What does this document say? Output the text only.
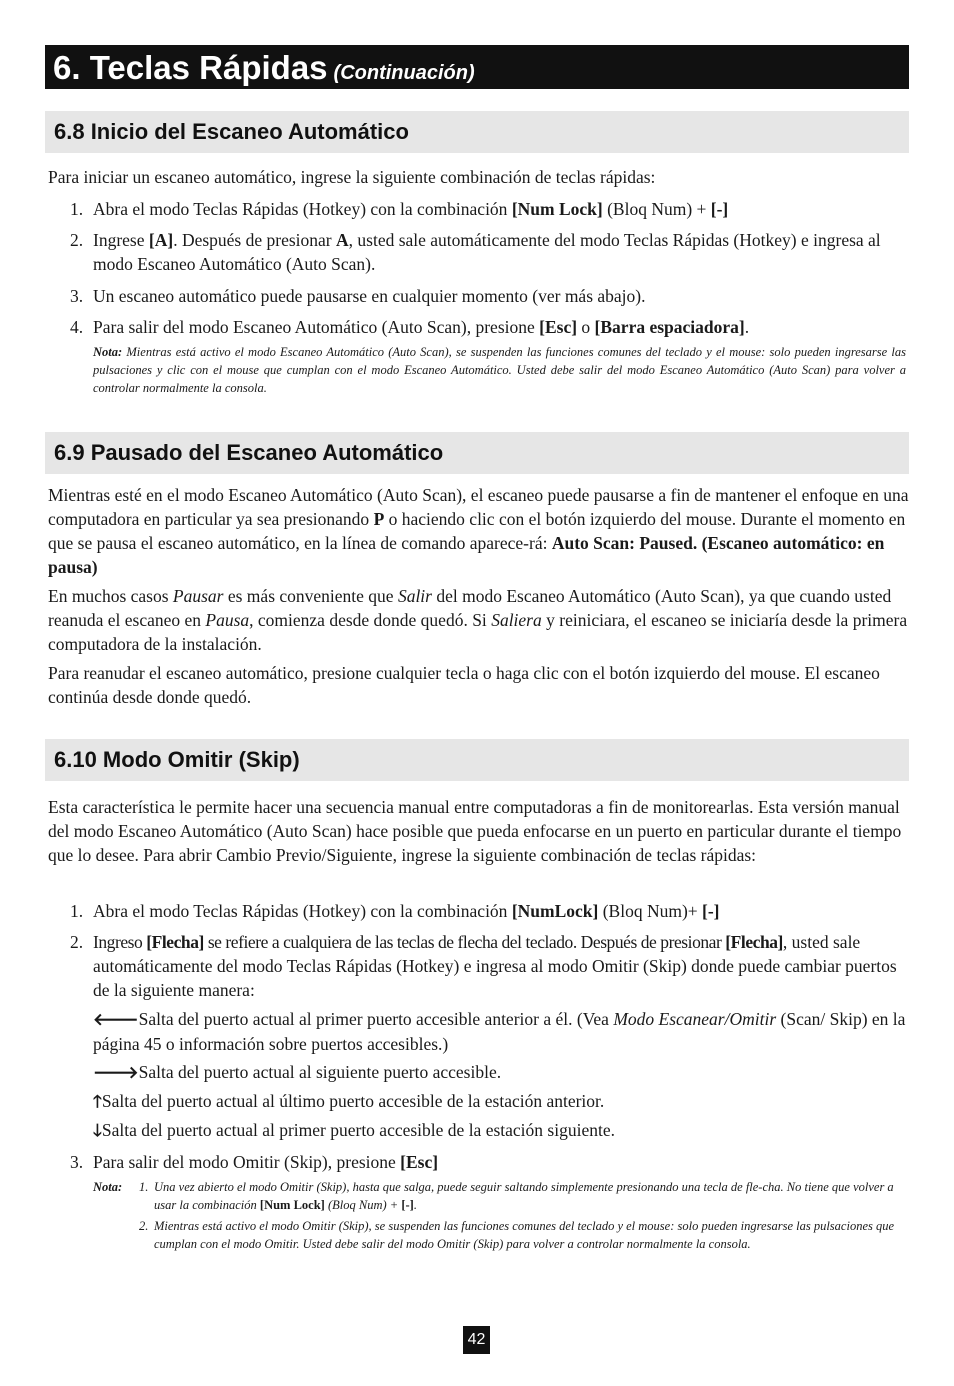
6. Teclas Rápidas (Continuación)
6.8 Inicio del Escaneo Automático
Para iniciar un escaneo automático, ingrese la siguiente combinación de teclas rápidas:
1. Abra el modo Teclas Rápidas (Hotkey) con la combinación [Num Lock] (Bloq Num) + [-]
2. Ingrese [A]. Después de presionar A, usted sale automáticamente del modo Teclas Rápidas (Hotkey) e ingresa al modo Escaneo Automático (Auto Scan).
3. Un escaneo automático puede pausarse en cualquier momento (ver más abajo).
4. Para salir del modo Escaneo Automático (Auto Scan), presione [Esc] o [Barra espaciadora].
Nota: Mientras está activo el modo Escaneo Automático (Auto Scan), se suspenden las funciones comunes del teclado y el mouse: solo pueden ingresarse las pulsaciones y clic con el mouse que cumplan con el modo Escaneo Automático. Usted debe salir del modo Escaneo Automático (Auto Scan) para volver a controlar normalmente la consola.
6.9 Pausado del Escaneo Automático
Mientras esté en el modo Escaneo Automático (Auto Scan), el escaneo puede pausarse a fin de mantener el enfoque en una computadora en particular ya sea presionando P o haciendo clic con el botón izquierdo del mouse. Durante el momento en que se pausa el escaneo automático, en la línea de comando aparece-rá: Auto Scan: Paused. (Escaneo automático: en pausa)
En muchos casos Pausar es más conveniente que Salir del modo Escaneo Automático (Auto Scan), ya que cuando usted reanuda el escaneo en Pausa, comienza desde donde quedó. Si Saliera y reiniciara, el escaneo se iniciaría desde la primera computadora de la instalación.
Para reanudar el escaneo automático, presione cualquier tecla o haga clic con el botón izquierdo del mouse. El escaneo continúa desde donde quedó.
6.10 Modo Omitir (Skip)
Esta característica le permite hacer una secuencia manual entre computadoras a fin de monitorearlas. Esta versión manual del modo Escaneo Automático (Auto Scan) hace posible que pueda enfocarse en un puerto en particular durante el tiempo que lo desee. Para abrir Cambio Previo/Siguiente, ingrese la siguiente combinación de teclas rápidas:
1. Abra el modo Teclas Rápidas (Hotkey) con la combinación [NumLock] (Bloq Num)+ [-]
2. Ingreso [Flecha] se refiere a cualquiera de las teclas de flecha del teclado. Después de presionar [Flecha], usted sale automáticamente del modo Teclas Rápidas (Hotkey) e ingresa al modo Omitir (Skip) donde puede cambiar puertos de la siguiente manera:
🡐Salta del puerto actual al primer puerto accesible anterior a él. (Vea Modo Escanear/Omitir (Scan/ Skip) en la página 45 o información sobre puertos accesibles.)
🡒Salta del puerto actual al siguiente puerto accesible.
🡑Salta del puerto actual al último puerto accesible de la estación anterior.
🡓Salta del puerto actual al primer puerto accesible de la estación siguiente.
3. Para salir del modo Omitir (Skip), presione [Esc]
Nota: 1. Una vez abierto el modo Omitir (Skip), hasta que salga, puede seguir saltando simplemente presionando una tecla de fle-cha. No tiene que volver a usar la combinación [Num Lock] (Bloq Num) + [-].
2. Mientras está activo el modo Omitir (Skip), se suspenden las funciones comunes del teclado y el mouse: solo pueden ingresarse las pulsaciones que cumplan con el modo Omitir. Usted debe salir del modo Omitir (Skip) para volver a controlar normalmente la consola.
42
